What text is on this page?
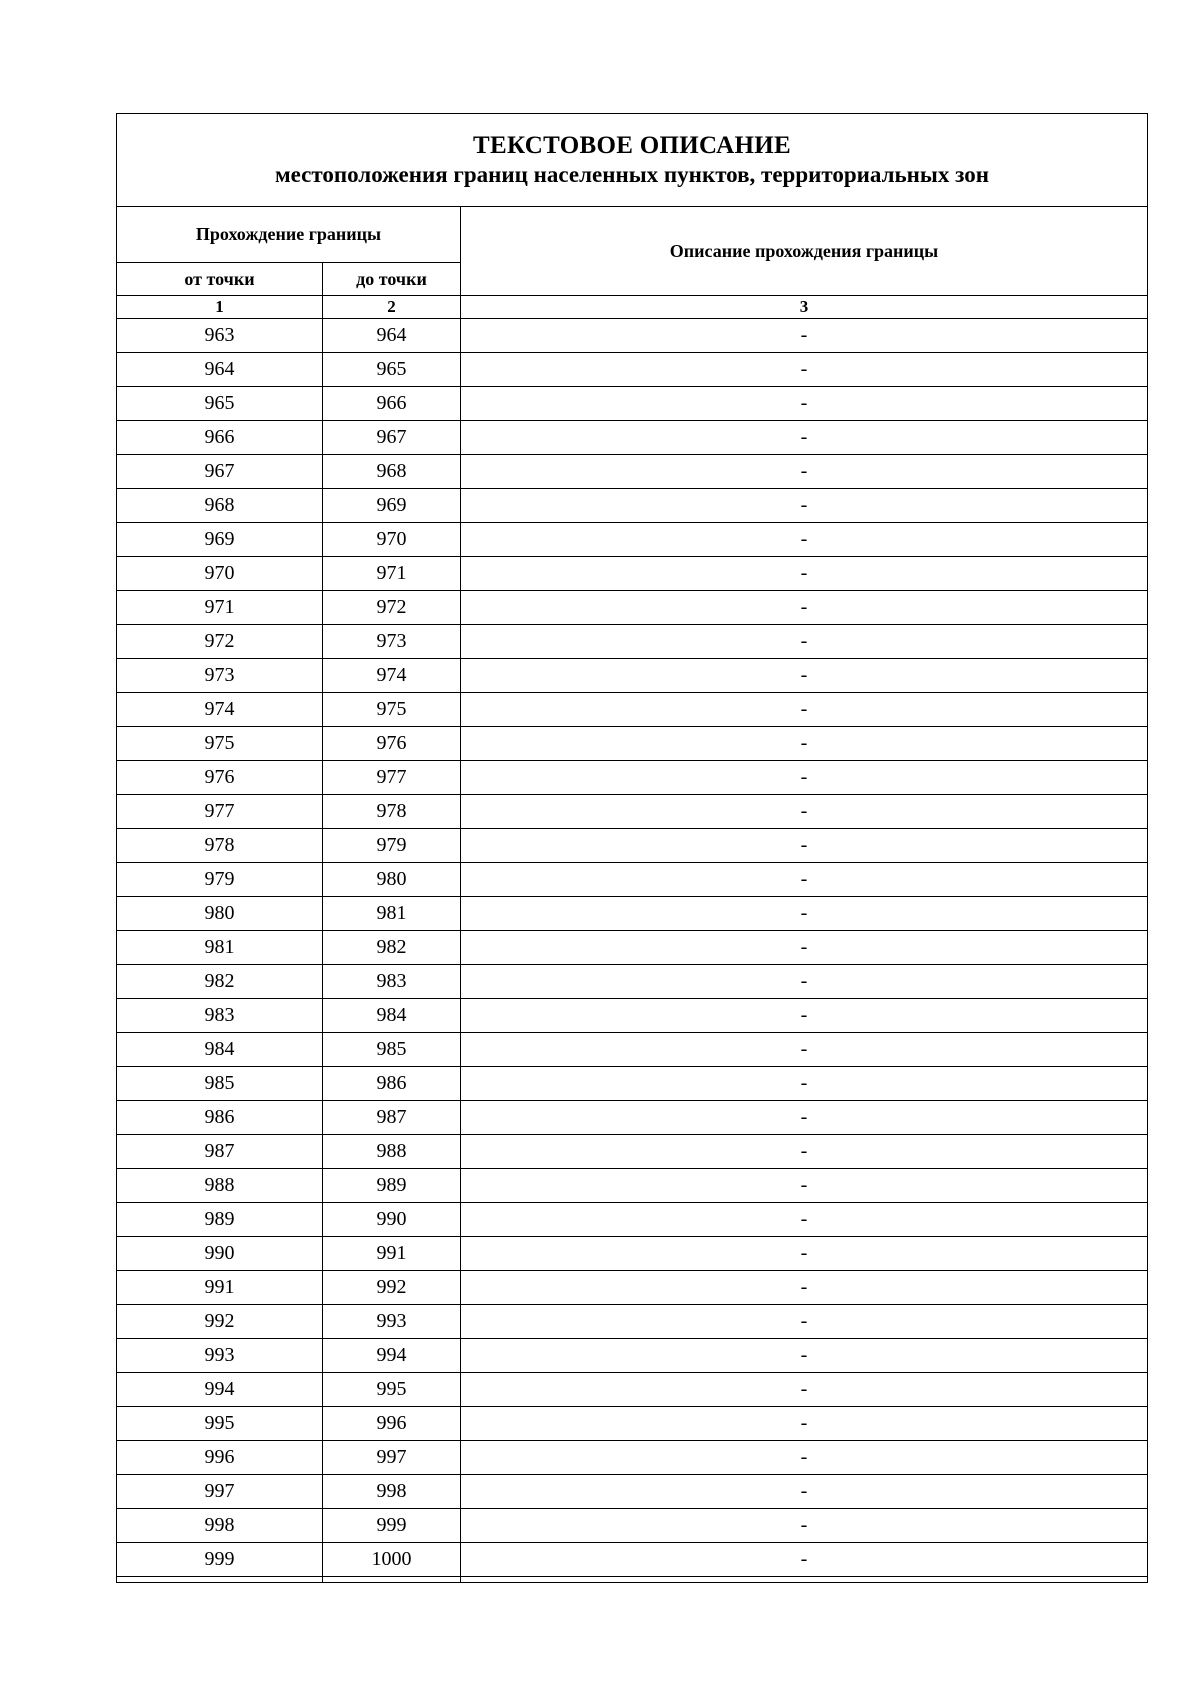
ТЕКСТОВОЕ ОПИСАНИЕ
местоположения границ населенных пунктов, территориальных зон		

Прохождение границы		Описание прохождения границы
от точки	до точки	
1	2	3
963	964	-
964	965	-
965	966	-
966	967	-
967	968	-
968	969	-
969	970	-
970	971	-
971	972	-
972	973	-
973	974	-
974	975	-
975	976	-
976	977	-
977	978	-
978	979	-
979	980	-
980	981	-
981	982	-
982	983	-
983	984	-
984	985	-
985	986	-
986	987	-
987	988	-
988	989	-
989	990	-
990	991	-
991	992	-
992	993	-
993	994	-
994	995	-
995	996	-
996	997	-
997	998	-
998	999	-
999	1000	-
